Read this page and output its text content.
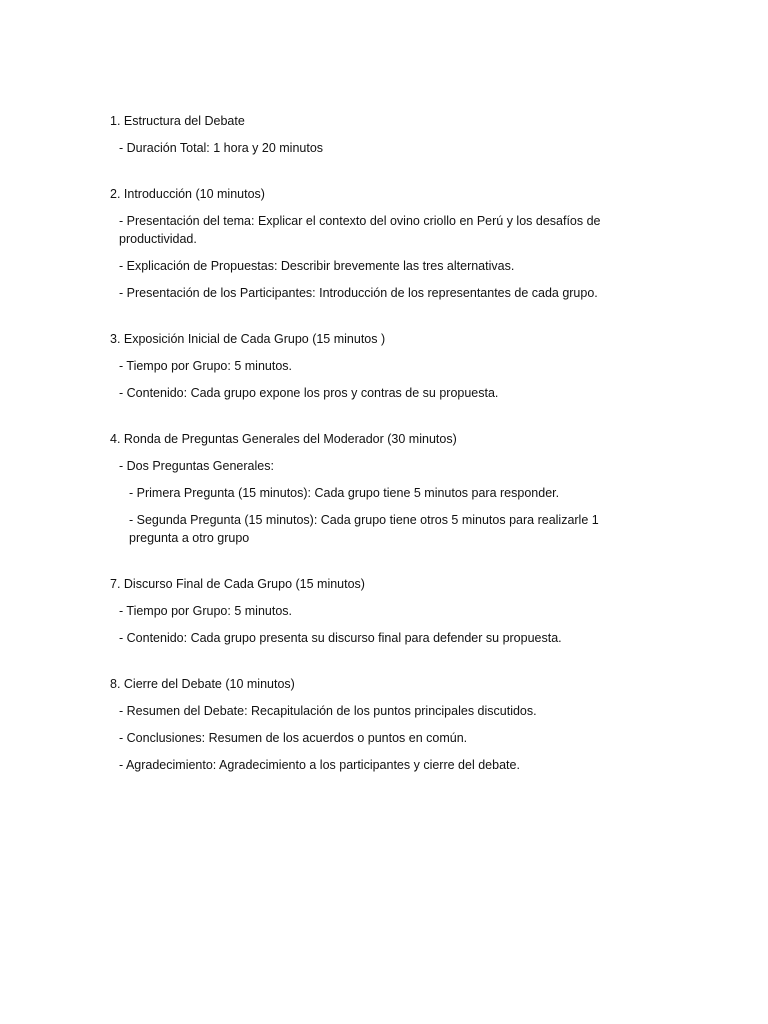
1. Estructura del Debate
- Duración Total: 1 hora y 20 minutos
2. Introducción (10 minutos)
- Presentación del tema: Explicar el contexto del ovino criollo en Perú y los desafíos de productividad.
- Explicación de Propuestas: Describir brevemente las tres alternativas.
- Presentación de los Participantes: Introducción de los representantes de cada grupo.
3. Exposición Inicial de Cada Grupo (15 minutos )
- Tiempo por Grupo: 5 minutos.
- Contenido: Cada grupo expone los pros y contras de su propuesta.
4. Ronda de Preguntas Generales del Moderador (30 minutos)
- Dos Preguntas Generales:
- Primera Pregunta (15 minutos): Cada grupo tiene 5 minutos para responder.
- Segunda Pregunta (15 minutos): Cada grupo tiene otros 5 minutos para realizarle 1 pregunta a otro grupo
7. Discurso Final de Cada Grupo (15 minutos)
- Tiempo por Grupo: 5 minutos.
- Contenido: Cada grupo presenta su discurso final para defender su propuesta.
8. Cierre del Debate (10 minutos)
- Resumen del Debate: Recapitulación de los puntos principales discutidos.
- Conclusiones: Resumen de los acuerdos o puntos en común.
- Agradecimiento: Agradecimiento a los participantes y cierre del debate.
